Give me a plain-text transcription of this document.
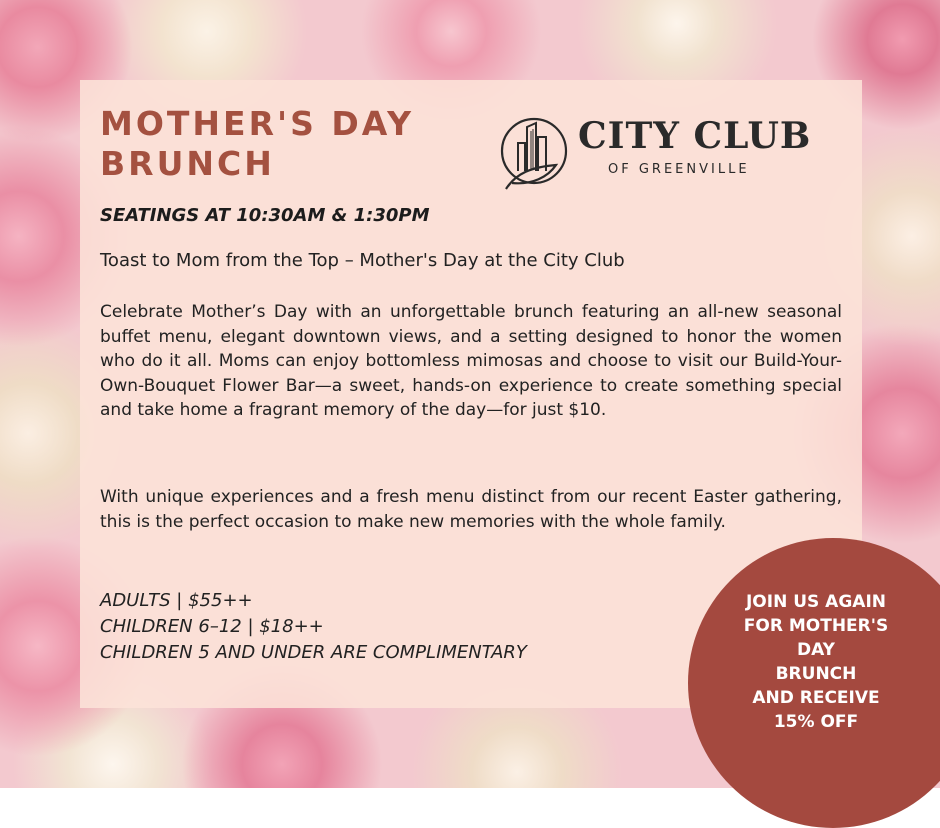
MOTHER'S DAY BRUNCH
CITY CLUB
OF GREENVILLE
SEATINGS AT 10:30AM & 1:30PM
Toast to Mom from the Top – Mother's Day at the City Club

Celebrate Mother’s Day with an unforgettable brunch featuring an all-new seasonal buffet menu, elegant downtown views, and a setting designed to honor the women who do it all. Moms can enjoy bottomless mimosas and choose to visit our Build-Your-Own-Bouquet Flower Bar—a sweet, hands-on experience to create something special and take home a fragrant memory of the day—for just $10.

With unique experiences and a fresh menu distinct from our recent Easter gathering, this is the perfect occasion to make new memories with the whole family.

ADULTS | $55++
CHILDREN 6–12 | $18++
CHILDREN 5 AND UNDER ARE COMPLIMENTARY
JOIN US AGAIN
FOR MOTHER'S
DAY
BRUNCH
AND RECEIVE
15% OFF
